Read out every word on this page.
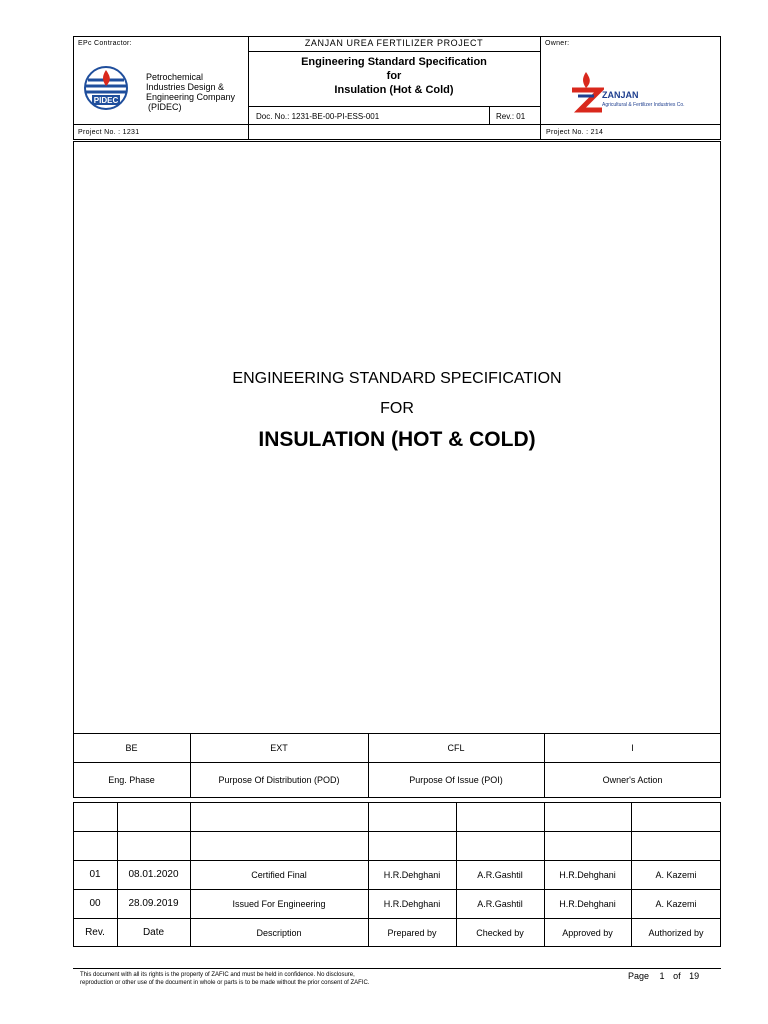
EPc Contractor:	ZANJAN UREA FERTILIZER PROJECT	Owner:
PIDEC
Petrochemical
Industries Design &
Engineering Company
(PIDEC)
Engineering Standard Specification
for
Insulation (Hot & Cold)
Doc. No.: 1231-BE-00-PI-ESS-001	Rev.: 01
ZANJAN
Agricultural & Fertilizer Industries Co.
Project No. : 1231	Project No. : 214
ENGINEERING STANDARD SPECIFICATION
FOR
INSULATION (HOT & COLD)
BE	EXT	CFL	I
Eng. Phase	Purpose Of Distribution (POD)	Purpose Of Issue (POI)	Owner's Action
01	08.01.2020	Certified Final	H.R.Dehghani	A.R.Gashtil	H.R.Dehghani	A. Kazemi
00	28.09.2019	Issued For Engineering	H.R.Dehghani	A.R.Gashtil	H.R.Dehghani	A. Kazemi
Rev.	Date	Description	Prepared by	Checked by	Approved by	Authorized by
This document with all its rights is the property of ZAFIC and must be held in confidence. No disclosure,
reproduction or other use of the document in whole or parts is to be made without the prior consent of ZAFIC.
Page 1 of 19
